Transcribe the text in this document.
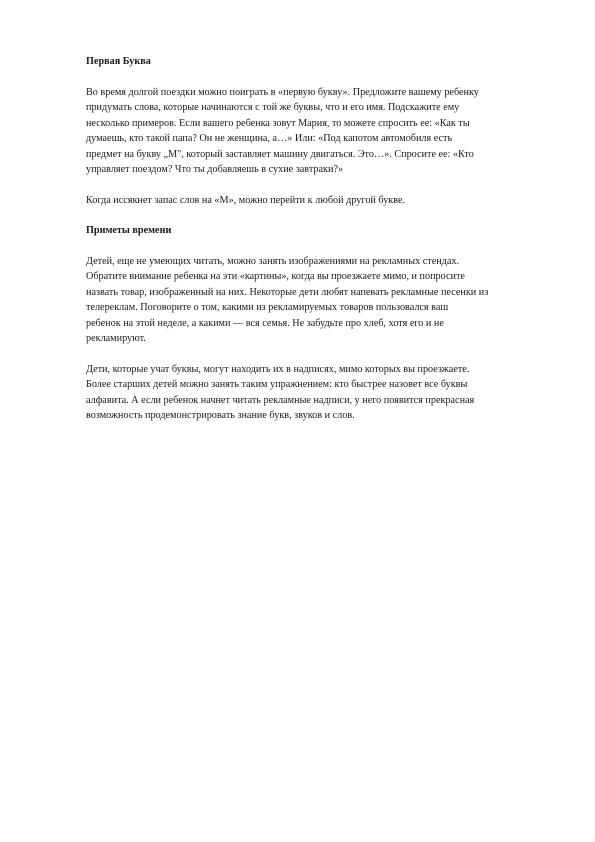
Первая Буква
Во время долгой поездки можно поиграть в «первую букву». Предложите вашему ребенку
придумать слова, которые начинаются с той же буквы, что и его имя. Подскажите ему
несколько примеров. Если вашего ребенка зовут Мария, то можете спросить ее: «Как ты
думаешь, кто такой папа? Он не женщина, а…» Или: «Под капотом автомобиля есть
предмет на букву „М", который заставляет машину двигаться. Это…». Спросите ее: «Кто
управляет поездом? Что ты добавляешь в сухие завтраки?»
Когда иссякнет запас слов на «М», можно перейти к любой другой букве.
Приметы времени
Детей, еще не умеющих читать, можно занять изображениями на рекламных стендах.
Обратите внимание ребенка на эти «картины», когда вы проезжаете мимо, и попросите
назвать товар, изображенный на них. Некоторые дети любят напевать рекламные песенки из
телереклам. Поговорите о том, какими из рекламируемых товаров пользовался ваш
ребенок на этой неделе, а какими — вся семья. Не забудьте про хлеб, хотя его и не
рекламируют.
Дети, которые учат буквы, могут находить их в надписях, мимо которых вы проезжаете.
Более старших детей можно занять таким упражнением: кто быстрее назовет все буквы
алфавита. А если ребенок начнет читать рекламные надписи, у него появится прекрасная
возможность продемонстрировать знание букв, звуков и слов.
